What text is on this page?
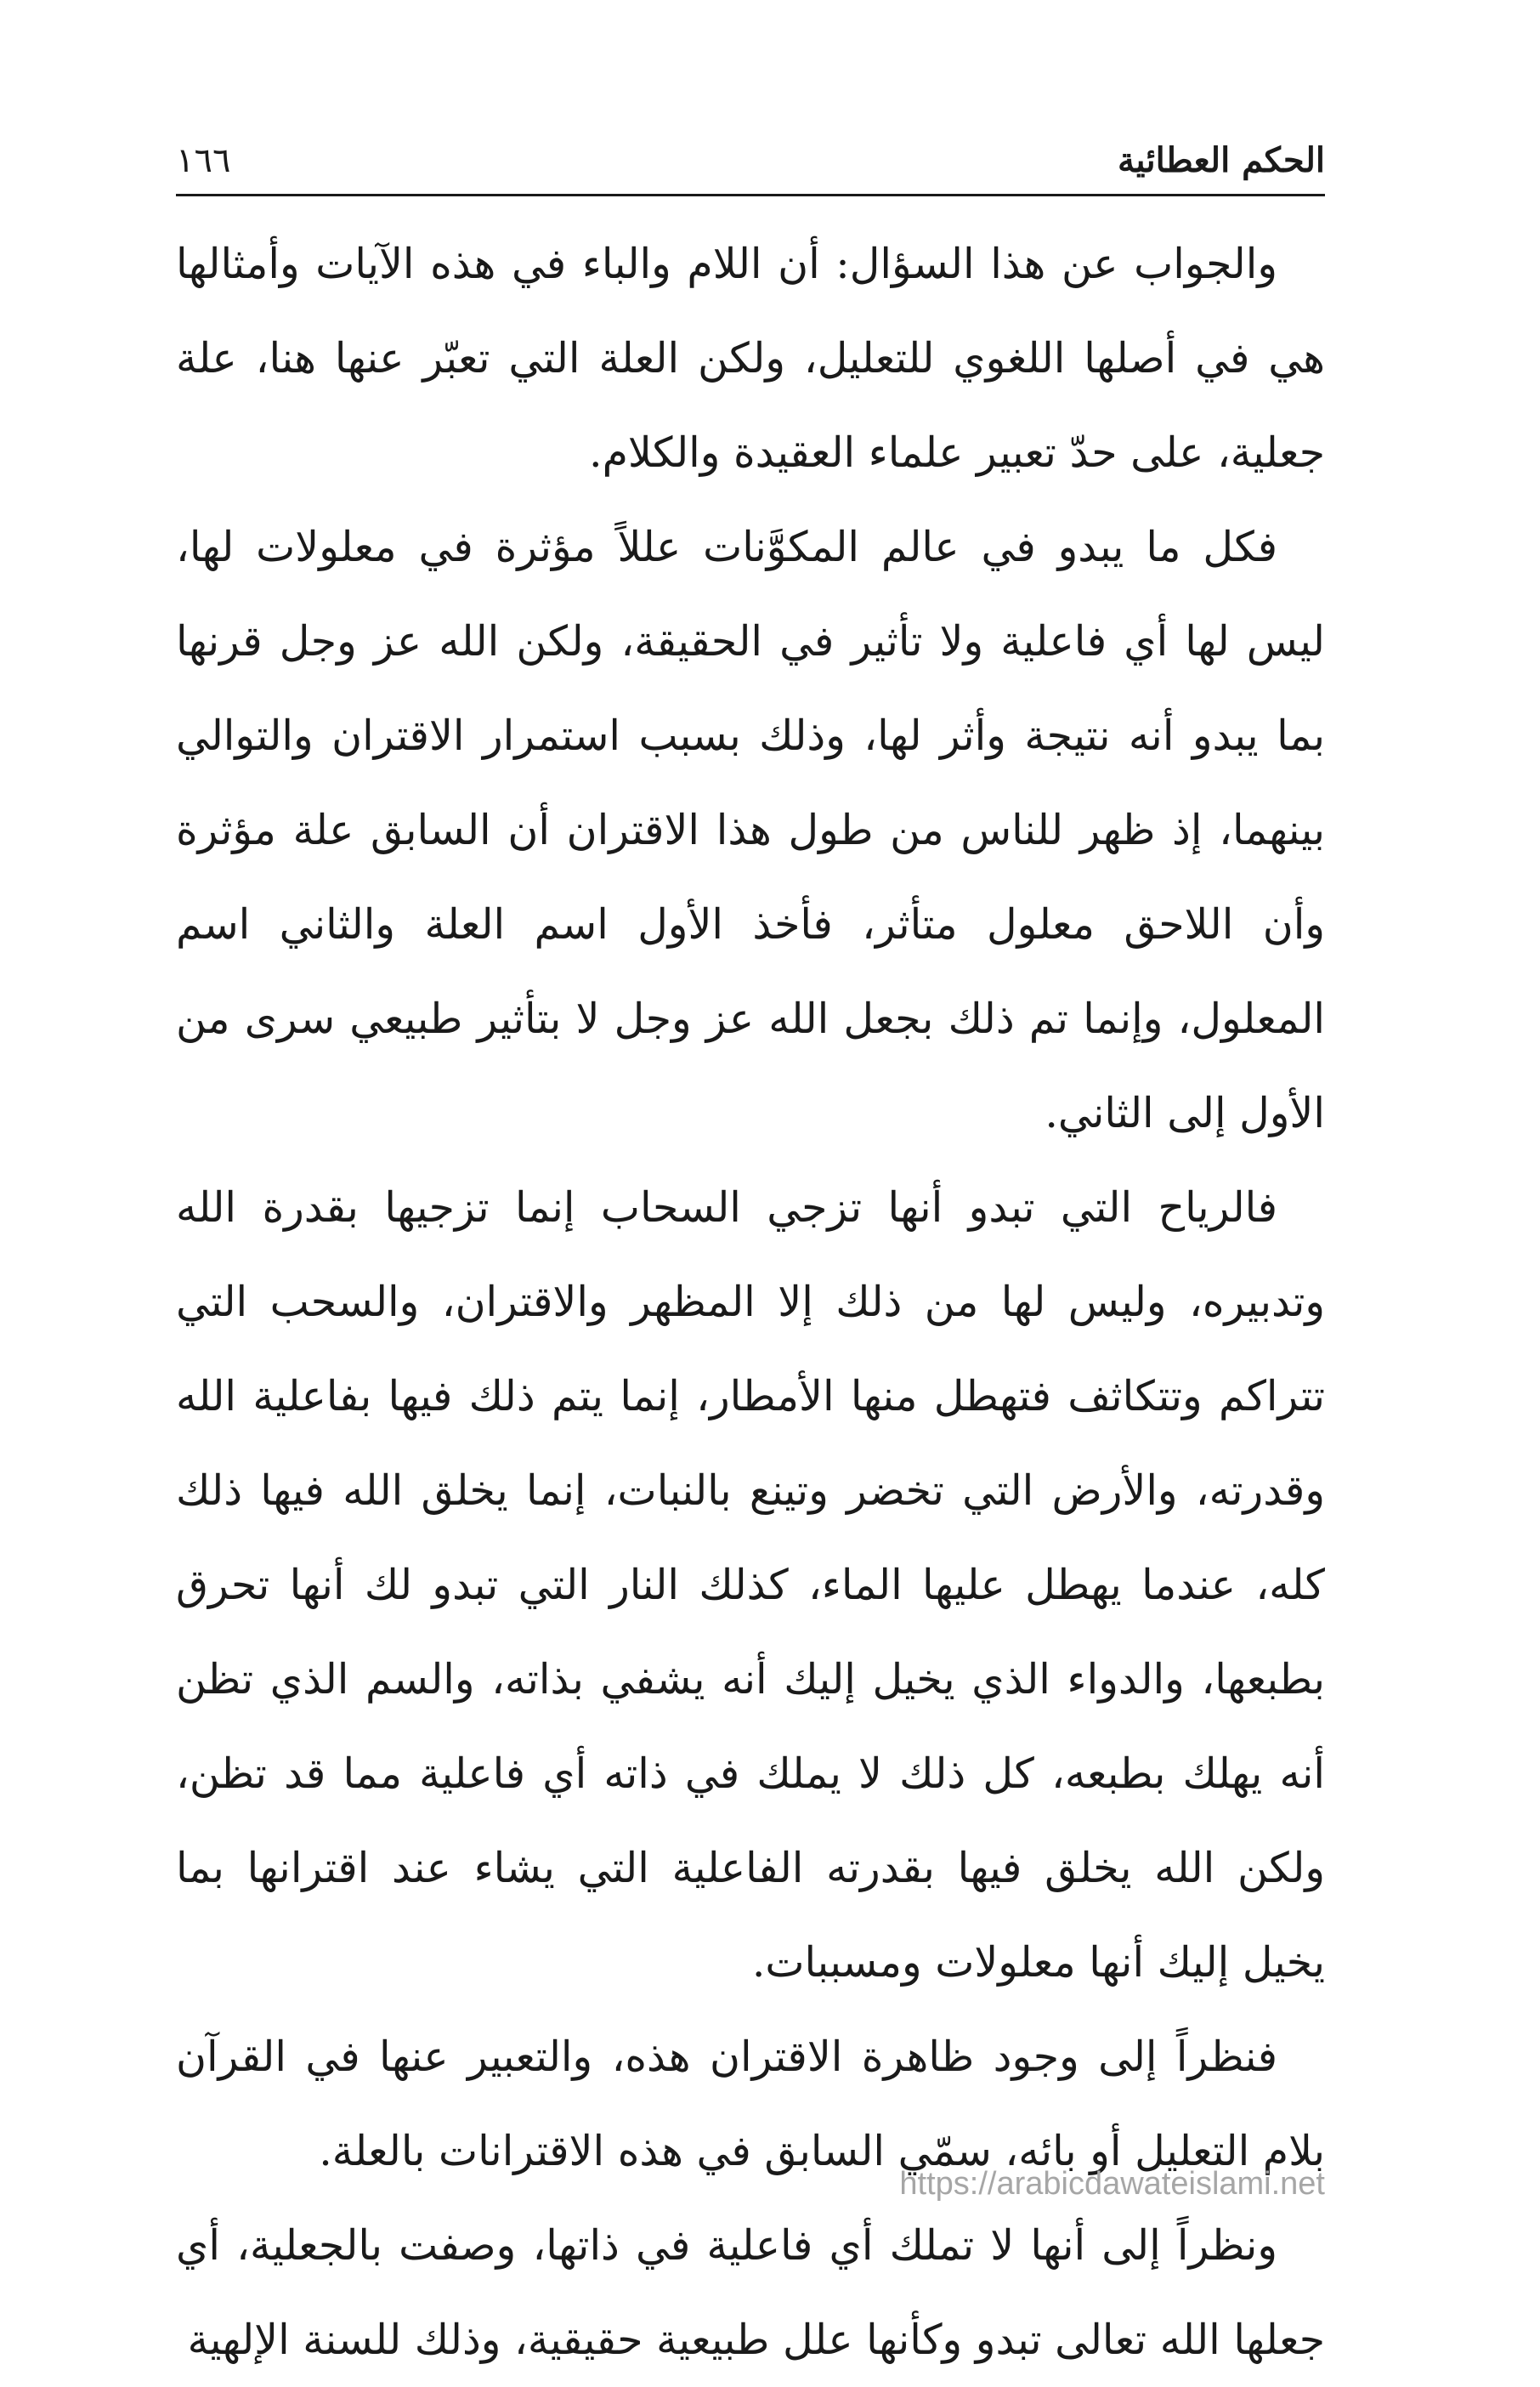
الحكم العطائية
١٦٦

والجواب عن هذا السؤال: أن اللام والباء في هذه الآيات وأمثالها هي في أصلها اللغوي للتعليل، ولكن العلة التي تعبّر عنها هنا، علة جعلية، على حدّ تعبير علماء العقيدة والكلام.

فكل ما يبدو في عالم المكوَّنات عللاً مؤثرة في معلولات لها، ليس لها أي فاعلية ولا تأثير في الحقيقة، ولكن الله عز وجل قرنها بما يبدو أنه نتيجة وأثر لها، وذلك بسبب استمرار الاقتران والتوالي بينهما، إذ ظهر للناس من طول هذا الاقتران أن السابق علة مؤثرة وأن اللاحق معلول متأثر، فأخذ الأول اسم العلة والثاني اسم المعلول، وإنما تم ذلك بجعل الله عز وجل لا بتأثير طبيعي سرى من الأول إلى الثاني.

فالرياح التي تبدو أنها تزجي السحاب إنما تزجيها بقدرة الله وتدبيره، وليس لها من ذلك إلا المظهر والاقتران، والسحب التي تتراكم وتتكاثف فتهطل منها الأمطار، إنما يتم ذلك فيها بفاعلية الله وقدرته، والأرض التي تخضر وتينع بالنبات، إنما يخلق الله فيها ذلك كله، عندما يهطل عليها الماء، كذلك النار التي تبدو لك أنها تحرق بطبعها، والدواء الذي يخيل إليك أنه يشفي بذاته، والسم الذي تظن أنه يهلك بطبعه، كل ذلك لا يملك في ذاته أي فاعلية مما قد تظن، ولكن الله يخلق فيها بقدرته الفاعلية التي يشاء عند اقترانها بما يخيل إليك أنها معلولات ومسببات.

فنظراً إلى وجود ظاهرة الاقتران هذه، والتعبير عنها في القرآن بلام التعليل أو بائه، سمّي السابق في هذه الاقترانات بالعلة.

ونظراً إلى أنها لا تملك أي فاعلية في ذاتها، وصفت بالجعلية، أي جعلها الله تعالى تبدو وكأنها علل طبيعية حقيقية، وذلك للسنة الإلهية

https://arabicdawateislami.net
